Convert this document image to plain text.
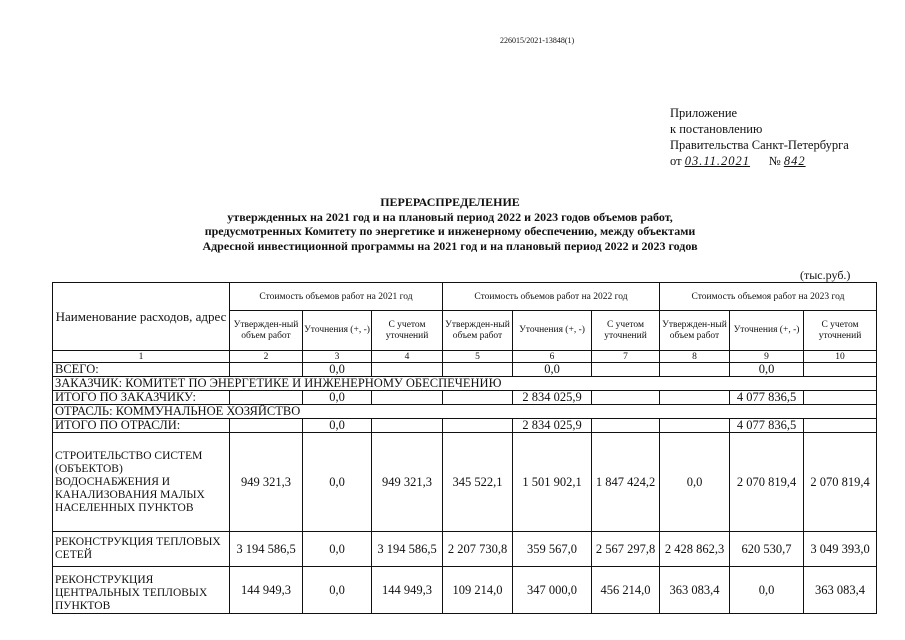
226015/2021-13848(1)
Приложение
к постановлению
Правительства Санкт-Петербурга
от 03.11.2021 № 842
ПЕРЕРАСПРЕДЕЛЕНИЕ
утвержденных на 2021 год и на плановый период 2022 и 2023 годов объемов работ,
предусмотренных Комитету по энергетике и инженерному обеспечению, между объектами
Адресной инвестиционной программы на 2021 год и на плановый период 2022 и 2023 годов
(тыс.руб.)
Наименование расходов, адрес	Стоимость объемов работ на 2021 год			Стоимость объемов работ на 2022 год			Стоимость объемоя работ на 2023 год		
	Утвержден-ный объем работ	Уточнения (+, -)	С учетом уточнений	Утвержден-ный объем работ	Уточнения (+, -)	С учетом уточнений	Утвержден-ный объем работ	Уточнения (+, -)	С учетом уточнений
1	2	3	4	5	6	7	8	9	10
ВСЕГО:		0,0			0,0			0,0	
ЗАКАЗЧИК: КОМИТЕТ ПО ЭНЕРГЕТИКЕ И ИНЖЕНЕРНОМУ ОБЕСПЕЧЕНИЮ									
ИТОГО ПО ЗАКАЗЧИКУ:		0,0			2 834 025,9			4 077 836,5	
ОТРАСЛЬ: КОММУНАЛЬНОЕ ХОЗЯЙСТВО									
ИТОГО ПО ОТРАСЛИ:		0,0			2 834 025,9			4 077 836,5	
СТРОИТЕЛЬСТВО СИСТЕМ (ОБЪЕКТОВ) ВОДОСНАБЖЕНИЯ И КАНАЛИЗОВАНИЯ МАЛЫХ НАСЕЛЕННЫХ ПУНКТОВ	949 321,3	0,0	949 321,3	345 522,1	1 501 902,1	1 847 424,2	0,0	2 070 819,4	2 070 819,4
РЕКОНСТРУКЦИЯ ТЕПЛОВЫХ СЕТЕЙ	3 194 586,5	0,0	3 194 586,5	2 207 730,8	359 567,0	2 567 297,8	2 428 862,3	620 530,7	3 049 393,0
РЕКОНСТРУКЦИЯ ЦЕНТРАЛЬНЫХ ТЕПЛОВЫХ ПУНКТОВ	144 949,3	0,0	144 949,3	109 214,0	347 000,0	456 214,0	363 083,4	0,0	363 083,4
